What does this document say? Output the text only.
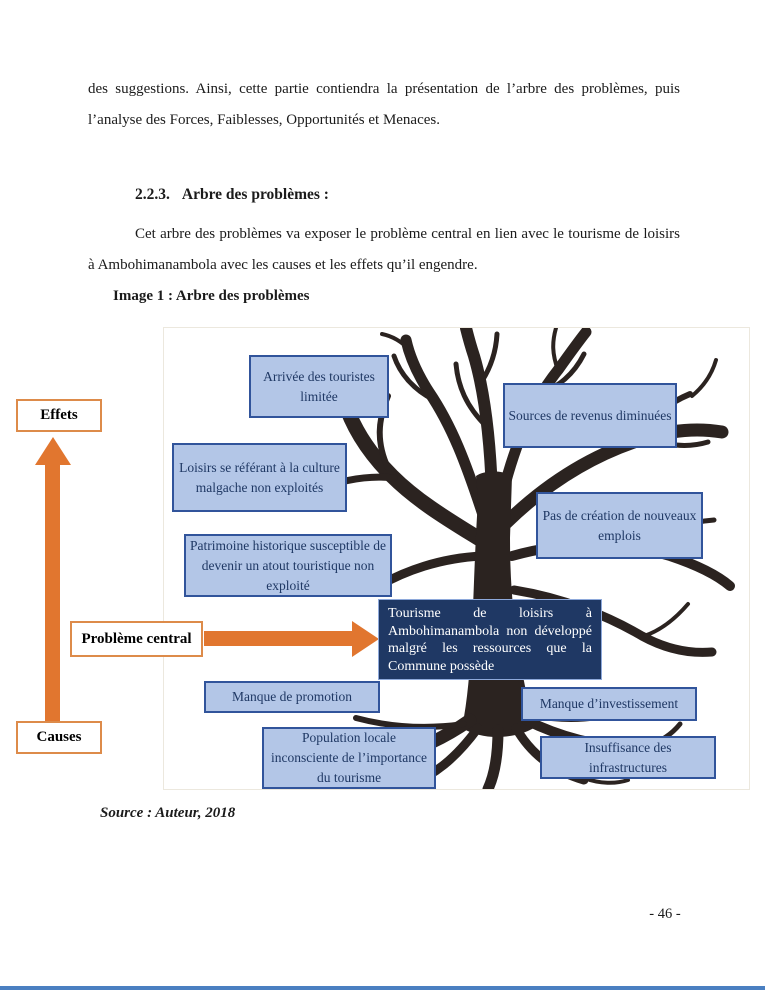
des suggestions. Ainsi, cette partie contiendra la présentation de l’arbre des problèmes, puis l’analyse des Forces, Faiblesses, Opportunités et Menaces.

2.2.3. Arbre des problèmes :

Cet arbre des problèmes va exposer le problème central en lien avec le tourisme de loisirs à Ambohimanambola avec les causes et les effets qu’il engendre.

Image 1 : Arbre des problèmes

Arrivée des touristes limitée
Sources de revenus diminuées
Loisirs se référant à la culture malgache non exploités
Pas de création de nouveaux emplois
Patrimoine historique susceptible de devenir un atout touristique non exploité
Tourisme de loisirs à Ambohimanambola non développé malgré les ressources que la Commune possède
Manque de promotion	Manque d’investissement
Population locale inconsciente de l’importance du tourisme
Insuffisance des infrastructures
Effets
Causes
Problème central

Source : Auteur, 2018

- 46 -
